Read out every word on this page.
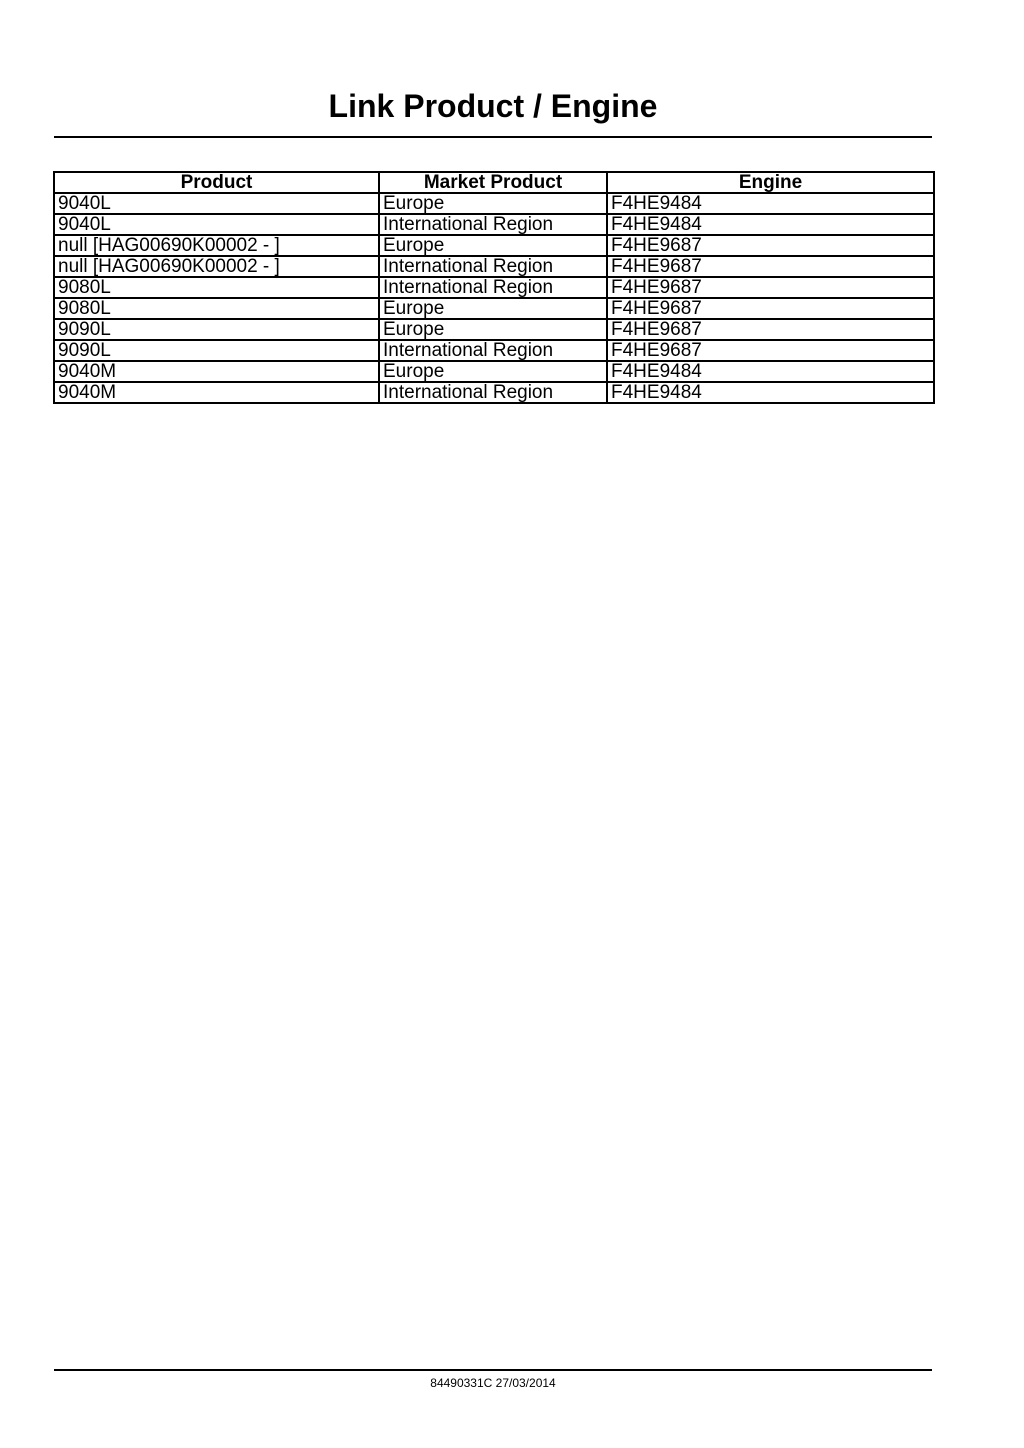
Link Product / Engine
Product	Market Product	Engine
9040L	Europe	F4HE9484
9040L	International Region	F4HE9484
null [HAG00690K00002 - ]	Europe	F4HE9687
null [HAG00690K00002 - ]	International Region	F4HE9687
9080L	International Region	F4HE9687
9080L	Europe	F4HE9687
9090L	Europe	F4HE9687
9090L	International Region	F4HE9687
9040M	Europe	F4HE9484
9040M	International Region	F4HE9484
84490331C 27/03/2014
